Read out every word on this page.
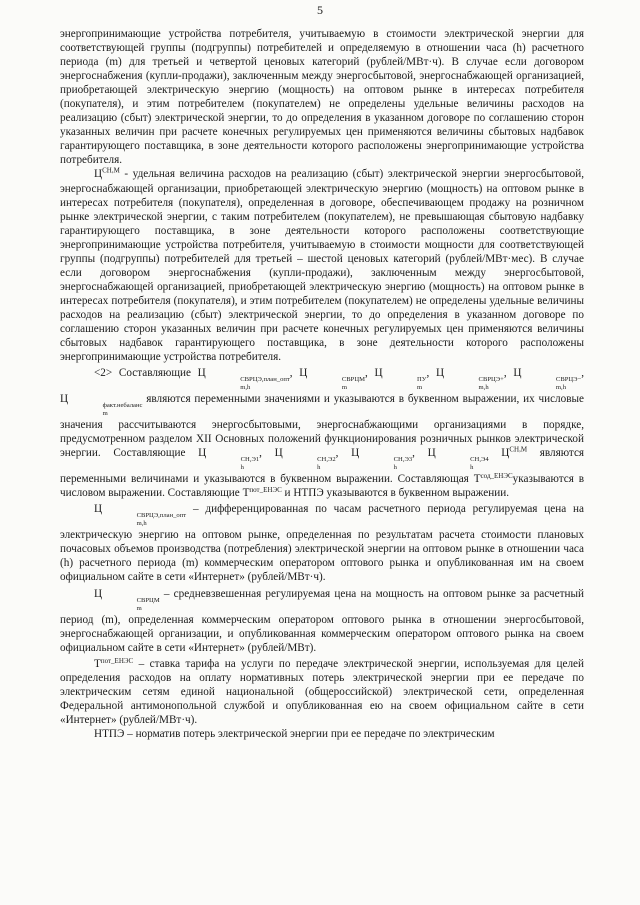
5

энергопринимающие устройства потребителя, учитываемую в стоимости электрической энергии для соответствующей группы (подгруппы) потребителей и определяемую в отношении часа (h) расчетного периода (m) для третьей и четвертой ценовых категорий (рублей/МВт·ч). В случае если договором энергоснабжения (купли-продажи), заключенным между энергосбытовой, энергоснабжающей организацией, приобретающей электрическую энергию (мощность) на оптовом рынке в интересах потребителя (покупателя), и этим потребителем (покупателем) не определены удельные величины расходов на реализацию (сбыт) электрической энергии, то до определения в указанном договоре по соглашению сторон указанных величин при расчете конечных регулируемых цен применяются величины сбытовых надбавок гарантирующего поставщика, в зоне деятельности которого расположены энергопринимающие устройства потребителя.

$Ц^{СН,М}$ - удельная величина расходов на реализацию (сбыт) электрической энергии энергосбытовой, энергоснабжающей организации, приобретающей электрическую энергию (мощность) на оптовом рынке в интересах потребителя (покупателя), определенная в договоре, обеспечивающем продажу на розничном рынке электрической энергии, с таким потребителем (покупателем), не превышающая сбытовую надбавку гарантирующего поставщика, в зоне деятельности которого расположены соответствующие энергопринимающие устройства потребителя, учитываемую в стоимости мощности для соответствующей группы (подгруппы) потребителей для третьей – шестой ценовых категорий (рублей/МВт·мес). В случае если договором энергоснабжения (купли-продажи), заключенным между энергосбытовой, энергоснабжающей организацией, приобретающей электрическую энергию (мощность) на оптовом рынке в интересах потребителя (покупателя), и этим потребителем (покупателем) не определены удельные величины расходов на реализацию (сбыт) электрической энергии, то до определения в указанном договоре по соглашению сторон указанных величин при расчете конечных регулируемых цен применяются величины сбытовых надбавок гарантирующего поставщика, в зоне деятельности которого расположены энергопринимающие устройства потребителя.

<2> Составляющие Ц
СВРЦЭ,план_опт
m,h
, Ц
СВРЦМ
m
, Ц
ПУ
m
, Ц
СВРЦЭ+
m,h
, Ц
СВРЦЭ−
m,h
, Ц
факт.небаланс
m
являются переменными значениями и указываются в буквенном выражении, их числовые значения рассчитываются энергосбытовыми, энергоснабжающими организациями в порядке, предусмотренном разделом XII Основных положений функционирования розничных рынков электрической энергии. Составляющие Ц
СН,Э1
h
, Ц
СН,Э2
h
, Ц
СН,Э3
h
, Ц
СН,Э4
h
$Ц^{СН,М}$ являются переменными величинами и указываются в буквенном выражении. Составляющая $Т^{сод\_ЕНЭС}указываются$ в числовом выражении. Составляющие $Т^{пот\_ЕНЭС}$ и НТПЭ указываются в буквенном выражении.

Ц
СВРЦЭ,план_опт
m,h
– дифференцированная по часам расчетного периода регулируемая цена на электрическую энергию на оптовом рынке, определенная по результатам расчета стоимости плановых почасовых объемов производства (потребления) электрической энергии на оптовом рынке в отношении часа (h) расчетного периода (m) коммерческим оператором оптового рынка и опубликованная им на своем официальном сайте в сети «Интернет» (рублей/МВт·ч).

Ц
СВРЦМ
m
– средневзвешенная регулируемая цена на мощность на оптовом рынке за расчетный период (m), определенная коммерческим оператором оптового рынка в отношении энергосбытовой, энергоснабжающей организации, и опубликованная коммерческим оператором оптового рынка на своем официальном сайте в сети «Интернет» (рублей/МВт).

$Т^{пот\_ЕНЭС}$ – ставка тарифа на услуги по передаче электрической энергии, используемая для целей определения расходов на оплату нормативных потерь электрической энергии при ее передаче по электрическим сетям единой национальной (общероссийской) электрической сети, определенная Федеральной антимонопольной службой и опубликованная ею на своем официальном сайте в сети «Интернет» (рублей/МВт·ч).

НТПЭ – норматив потерь электрической энергии при ее передаче по электрическим
